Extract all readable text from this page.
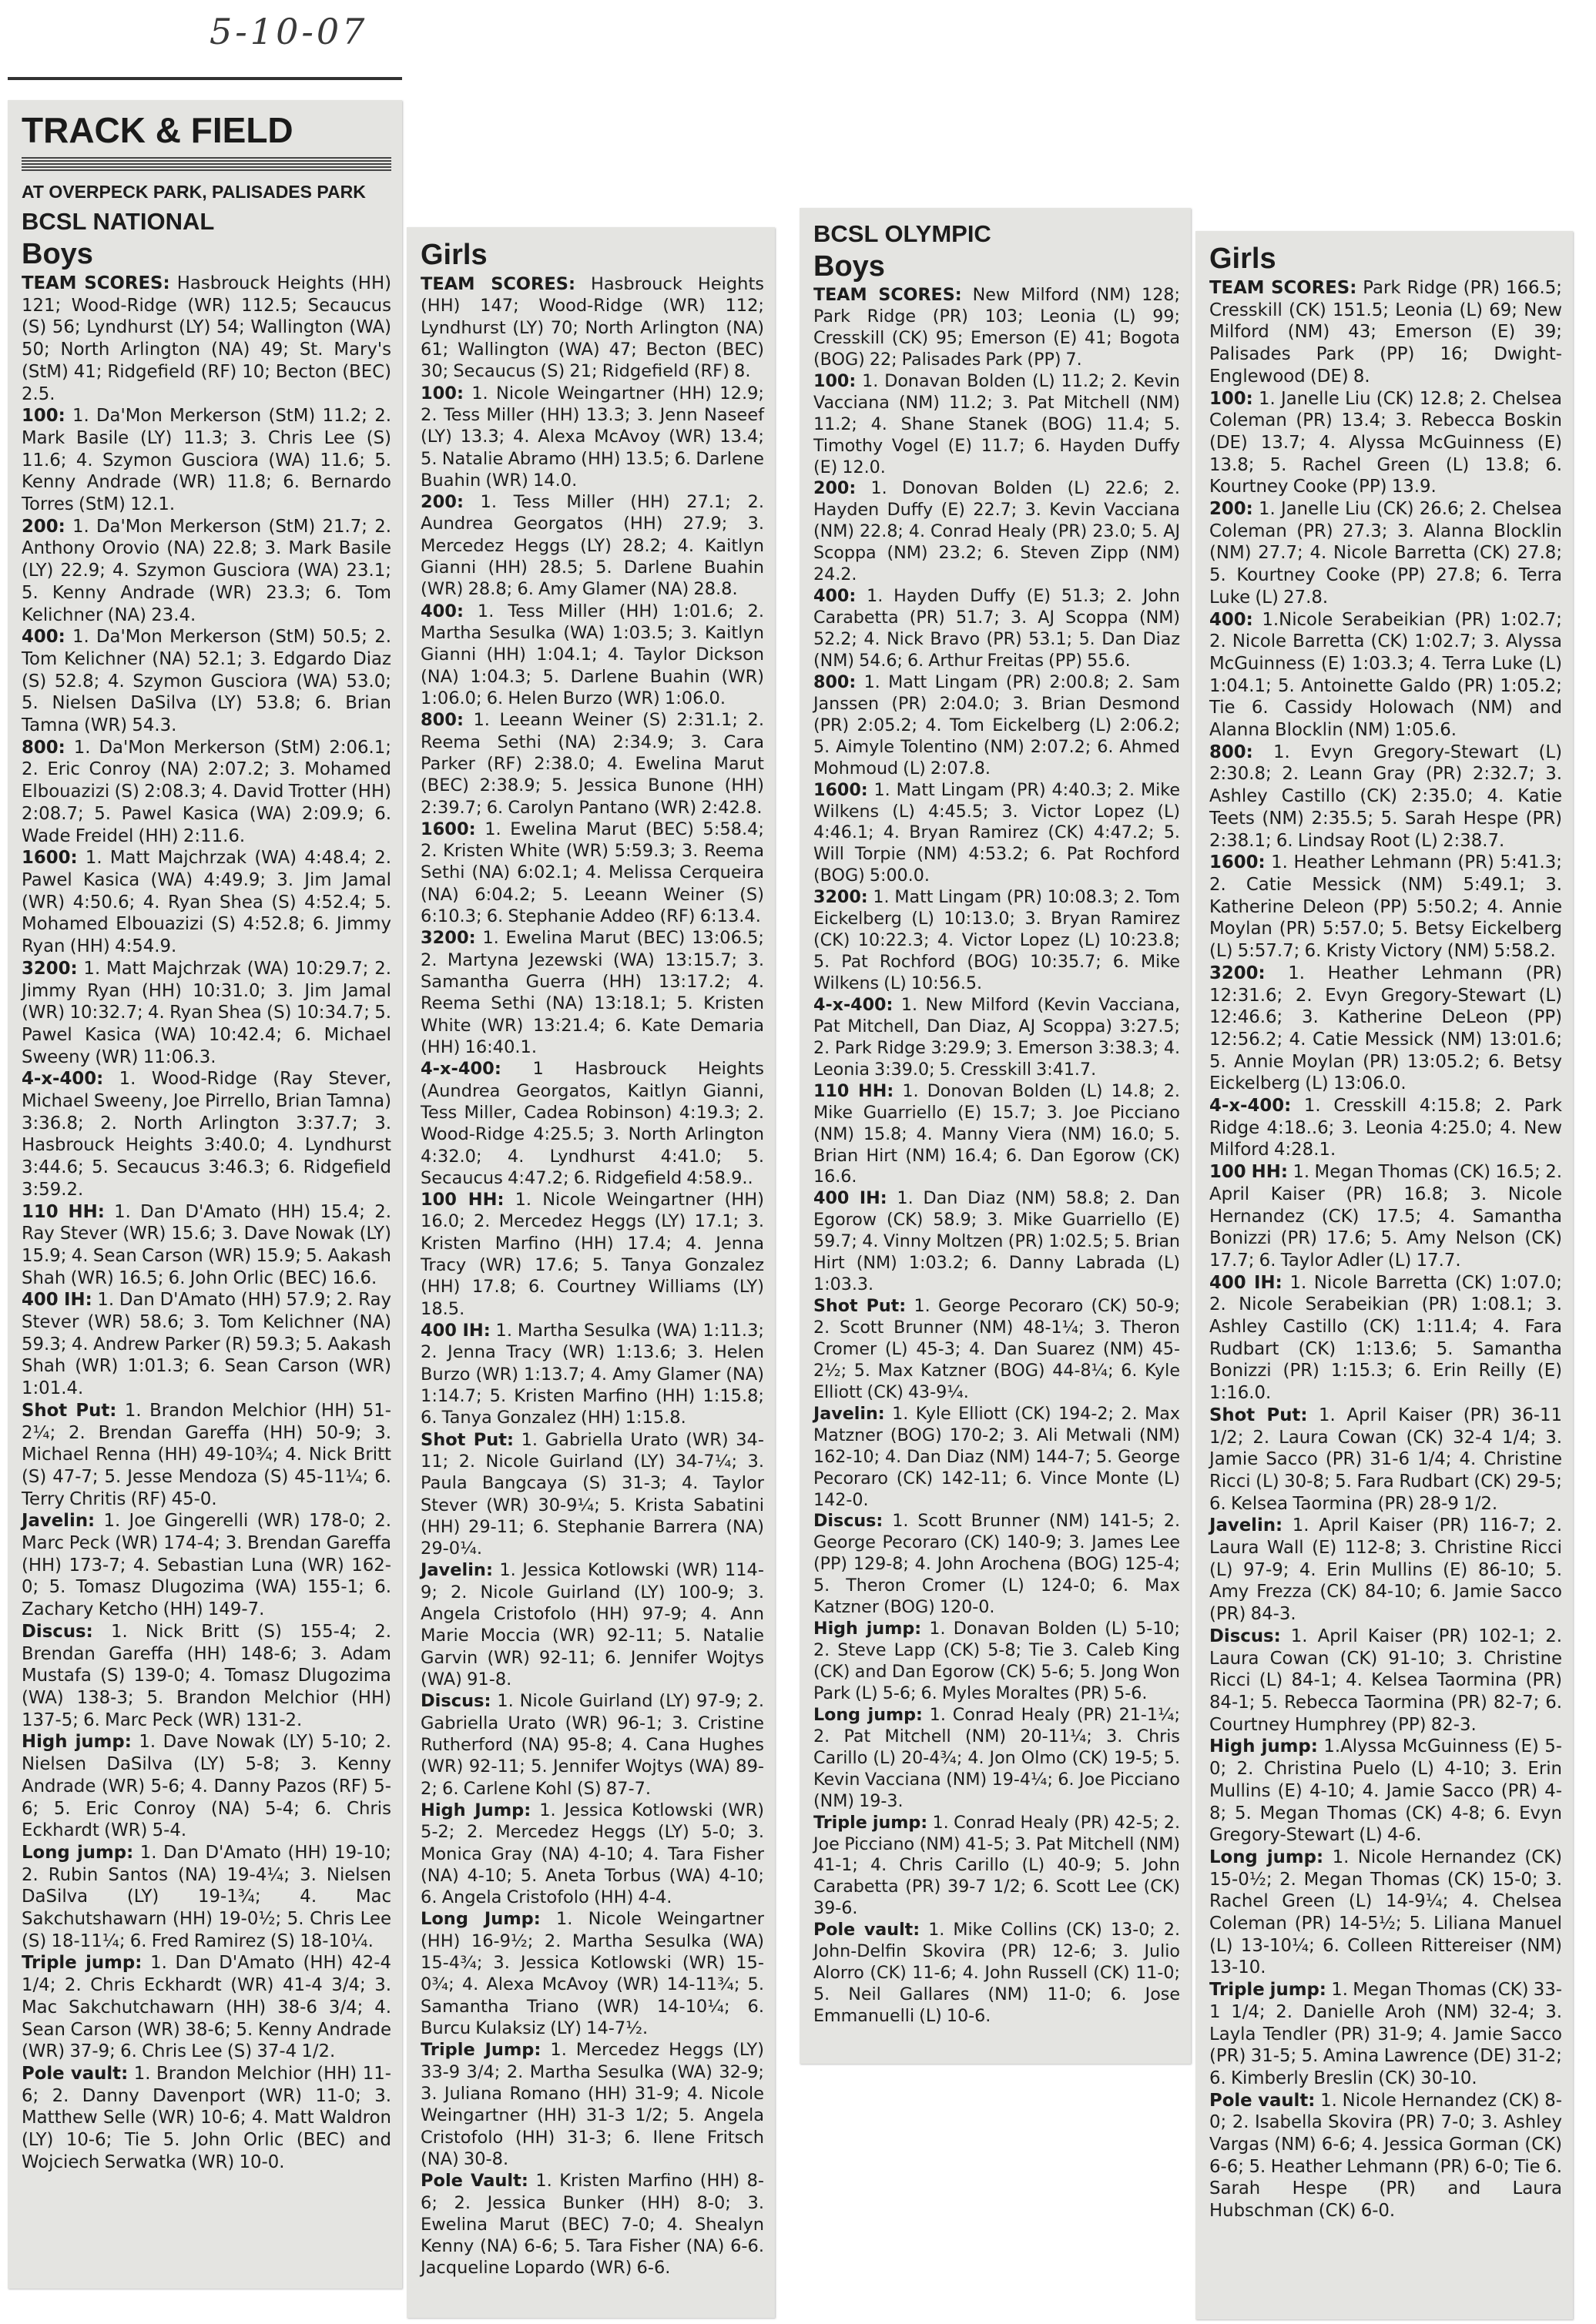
5-10-07
TRACK & FIELD
AT OVERPECK PARK, PALISADES PARK
BCSL NATIONAL
Boys

TEAM SCORES: Hasbrouck Heights (HH) 121; Wood-Ridge (WR) 112.5; Secaucus (S) 56; Lyndhurst (LY) 54; Wallington (WA) 50; North Arlington (NA) 49; St. Mary's (StM) 41; Ridgefield (RF) 10; Becton (BEC) 2.5.

100: 1. Da'Mon Merkerson (StM) 11.2; 2. Mark Basile (LY) 11.3; 3. Chris Lee (S) 11.6; 4. Szymon Gusciora (WA) 11.6; 5. Kenny Andrade (WR) 11.8; 6. Bernardo Torres (StM) 12.1.

200: 1. Da'Mon Merkerson (StM) 21.7; 2. Anthony Orovio (NA) 22.8; 3. Mark Basile (LY) 22.9; 4. Szymon Gusciora (WA) 23.1; 5. Kenny Andrade (WR) 23.3; 6. Tom Kelichner (NA) 23.4.

400: 1. Da'Mon Merkerson (StM) 50.5; 2. Tom Kelichner (NA) 52.1; 3. Edgardo Diaz (S) 52.8; 4. Szymon Gusciora (WA) 53.0; 5. Nielsen DaSilva (LY) 53.8; 6. Brian Tamna (WR) 54.3.

800: 1. Da'Mon Merkerson (StM) 2:06.1; 2. Eric Conroy (NA) 2:07.2; 3. Mohamed Elbouazizi (S) 2:08.3; 4. David Trotter (HH) 2:08.7; 5. Pawel Kasica (WA) 2:09.9; 6. Wade Freidel (HH) 2:11.6.

1600: 1. Matt Majchrzak (WA) 4:48.4; 2. Pawel Kasica (WA) 4:49.9; 3. Jim Jamal (WR) 4:50.6; 4. Ryan Shea (S) 4:52.4; 5. Mohamed Elbouazizi (S) 4:52.8; 6. Jimmy Ryan (HH) 4:54.9.

3200: 1. Matt Majchrzak (WA) 10:29.7; 2. Jimmy Ryan (HH) 10:31.0; 3. Jim Jamal (WR) 10:32.7; 4. Ryan Shea (S) 10:34.7; 5. Pawel Kasica (WA) 10:42.4; 6. Michael Sweeny (WR) 11:06.3.

4-x-400: 1. Wood-Ridge (Ray Stever, Michael Sweeny, Joe Pirrello, Brian Tamna) 3:36.8; 2. North Arlington 3:37.7; 3. Hasbrouck Heights 3:40.0; 4. Lyndhurst 3:44.6; 5. Secaucus 3:46.3; 6. Ridgefield 3:59.2.

110 HH: 1. Dan D'Amato (HH) 15.4; 2. Ray Stever (WR) 15.6; 3. Dave Nowak (LY) 15.9; 4. Sean Carson (WR) 15.9; 5. Aakash Shah (WR) 16.5; 6. John Orlic (BEC) 16.6.

400 IH: 1. Dan D'Amato (HH) 57.9; 2. Ray Stever (WR) 58.6; 3. Tom Kelichner (NA) 59.3; 4. Andrew Parker (R) 59.3; 5. Aakash Shah (WR) 1:01.3; 6. Sean Carson (WR) 1:01.4.

Shot Put: 1. Brandon Melchior (HH) 51-2¼; 2. Brendan Gareffa (HH) 50-9; 3. Michael Renna (HH) 49-10¾; 4. Nick Britt (S) 47-7; 5. Jesse Mendoza (S) 45-11¼; 6. Terry Chritis (RF) 45-0.

Javelin: 1. Joe Gingerelli (WR) 178-0; 2. Marc Peck (WR) 174-4; 3. Brendan Gareffa (HH) 173-7; 4. Sebastian Luna (WR) 162-0; 5. Tomasz Dlugozima (WA) 155-1; 6. Zachary Ketcho (HH) 149-7.

Discus: 1. Nick Britt (S) 155-4; 2. Brendan Gareffa (HH) 148-6; 3. Adam Mustafa (S) 139-0; 4. Tomasz Dlugozima (WA) 138-3; 5. Brandon Melchior (HH) 137-5; 6. Marc Peck (WR) 131-2.

High jump: 1. Dave Nowak (LY) 5-10; 2. Nielsen DaSilva (LY) 5-8; 3. Kenny Andrade (WR) 5-6; 4. Danny Pazos (RF) 5-6; 5. Eric Conroy (NA) 5-4; 6. Chris Eckhardt (WR) 5-4.

Long jump: 1. Dan D'Amato (HH) 19-10; 2. Rubin Santos (NA) 19-4¼; 3. Nielsen DaSilva (LY) 19-1¾; 4. Mac Sakchutshawarn (HH) 19-0½; 5. Chris Lee (S) 18-11¼; 6. Fred Ramirez (S) 18-10¼.

Triple jump: 1. Dan D'Amato (HH) 42-4 1/4; 2. Chris Eckhardt (WR) 41-4 3/4; 3. Mac Sakchutchawarn (HH) 38-6 3/4; 4. Sean Carson (WR) 38-6; 5. Kenny Andrade (WR) 37-9; 6. Chris Lee (S) 37-4 1/2.

Pole vault: 1. Brandon Melchior (HH) 11-6; 2. Danny Davenport (WR) 11-0; 3. Matthew Selle (WR) 10-6; 4. Matt Waldron (LY) 10-6; Tie 5. John Orlic (BEC) and Wojciech Serwatka (WR) 10-0.

Girls

TEAM SCORES: Hasbrouck Heights (HH) 147; Wood-Ridge (WR) 112; Lyndhurst (LY) 70; North Arlington (NA) 61; Wallington (WA) 47; Becton (BEC) 30; Secaucus (S) 21; Ridgefield (RF) 8.

100: 1. Nicole Weingartner (HH) 12.9; 2. Tess Miller (HH) 13.3; 3. Jenn Naseef (LY) 13.3; 4. Alexa McAvoy (WR) 13.4; 5. Natalie Abramo (HH) 13.5; 6. Darlene Buahin (WR) 14.0.

200: 1. Tess Miller (HH) 27.1; 2. Aundrea Georgatos (HH) 27.9; 3. Mercedez Heggs (LY) 28.2; 4. Kaitlyn Gianni (HH) 28.5; 5. Darlene Buahin (WR) 28.8; 6. Amy Glamer (NA) 28.8.

400: 1. Tess Miller (HH) 1:01.6; 2. Martha Sesulka (WA) 1:03.5; 3. Kaitlyn Gianni (HH) 1:04.1; 4. Taylor Dickson (NA) 1:04.3; 5. Darlene Buahin (WR) 1:06.0; 6. Helen Burzo (WR) 1:06.0.

800: 1. Leeann Weiner (S) 2:31.1; 2. Reema Sethi (NA) 2:34.9; 3. Cara Parker (RF) 2:38.0; 4. Ewelina Marut (BEC) 2:38.9; 5. Jessica Bunone (HH) 2:39.7; 6. Carolyn Pantano (WR) 2:42.8.

1600: 1. Ewelina Marut (BEC) 5:58.4; 2. Kristen White (WR) 5:59.3; 3. Reema Sethi (NA) 6:02.1; 4. Melissa Cerqueira (NA) 6:04.2; 5. Leeann Weiner (S) 6:10.3; 6. Stephanie Addeo (RF) 6:13.4.

3200: 1. Ewelina Marut (BEC) 13:06.5; 2. Martyna Jezewski (WA) 13:15.7; 3. Samantha Guerra (HH) 13:17.2; 4. Reema Sethi (NA) 13:18.1; 5. Kristen White (WR) 13:21.4; 6. Kate Demaria (HH) 16:40.1.

4-x-400: 1 Hasbrouck Heights (Aundrea Georgatos, Kaitlyn Gianni, Tess Miller, Cadea Robinson) 4:19.3; 2. Wood-Ridge 4:25.5; 3. North Arlington 4:32.0; 4. Lyndhurst 4:41.0; 5. Secaucus 4:47.2; 6. Ridgefield 4:58.9..

100 HH: 1. Nicole Weingartner (HH) 16.0; 2. Mercedez Heggs (LY) 17.1; 3. Kristen Marfino (HH) 17.4; 4. Jenna Tracy (WR) 17.6; 5. Tanya Gonzalez (HH) 17.8; 6. Courtney Williams (LY) 18.5.

400 IH: 1. Martha Sesulka (WA) 1:11.3; 2. Jenna Tracy (WR) 1:13.6; 3. Helen Burzo (WR) 1:13.7; 4. Amy Glamer (NA) 1:14.7; 5. Kristen Marfino (HH) 1:15.8; 6. Tanya Gonzalez (HH) 1:15.8.

Shot Put: 1. Gabriella Urato (WR) 34-11; 2. Nicole Guirland (LY) 34-7¼; 3. Paula Bangcaya (S) 31-3; 4. Taylor Stever (WR) 30-9¼; 5. Krista Sabatini (HH) 29-11; 6. Stephanie Barrera (NA) 29-0¼.

Javelin: 1. Jessica Kotlowski (WR) 114-9; 2. Nicole Guirland (LY) 100-9; 3. Angela Cristofolo (HH) 97-9; 4. Ann Marie Moccia (WR) 92-11; 5. Natalie Garvin (WR) 92-11; 6. Jennifer Wojtys (WA) 91-8.

Discus: 1. Nicole Guirland (LY) 97-9; 2. Gabriella Urato (WR) 96-1; 3. Cristine Rutherford (NA) 95-8; 4. Cana Hughes (WR) 92-11; 5. Jennifer Wojtys (WA) 89-2; 6. Carlene Kohl (S) 87-7.

High Jump: 1. Jessica Kotlowski (WR) 5-2; 2. Mercedez Heggs (LY) 5-0; 3. Monica Gray (NA) 4-10; 4. Tara Fisher (NA) 4-10; 5. Aneta Torbus (WA) 4-10; 6. Angela Cristofolo (HH) 4-4.

Long Jump: 1. Nicole Weingartner (HH) 16-9½; 2. Martha Sesulka (WA) 15-4¾; 3. Jessica Kotlowski (WR) 15-0¾; 4. Alexa McAvoy (WR) 14-11¾; 5. Samantha Triano (WR) 14-10¼; 6. Burcu Kulaksiz (LY) 14-7½.

Triple Jump: 1. Mercedez Heggs (LY) 33-9 3/4; 2. Martha Sesulka (WA) 32-9; 3. Juliana Romano (HH) 31-9; 4. Nicole Weingartner (HH) 31-3 1/2; 5. Angela Cristofolo (HH) 31-3; 6. Ilene Fritsch (NA) 30-8.

Pole Vault: 1. Kristen Marfino (HH) 8-6; 2. Jessica Bunker (HH) 8-0; 3. Ewelina Marut (BEC) 7-0; 4. Shealyn Kenny (NA) 6-6; 5. Tara Fisher (NA) 6-6. Jacqueline Lopardo (WR) 6-6.

BCSL OLYMPIC
Boys

TEAM SCORES: New Milford (NM) 128; Park Ridge (PR) 103; Leonia (L) 99; Cresskill (CK) 95; Emerson (E) 41; Bogota (BOG) 22; Palisades Park (PP) 7.

100: 1. Donavan Bolden (L) 11.2; 2. Kevin Vacciana (NM) 11.2; 3. Pat Mitchell (NM) 11.2; 4. Shane Stanek (BOG) 11.4; 5. Timothy Vogel (E) 11.7; 6. Hayden Duffy (E) 12.0.

200: 1. Donovan Bolden (L) 22.6; 2. Hayden Duffy (E) 22.7; 3. Kevin Vacciana (NM) 22.8; 4. Conrad Healy (PR) 23.0; 5. AJ Scoppa (NM) 23.2; 6. Steven Zipp (NM) 24.2.

400: 1. Hayden Duffy (E) 51.3; 2. John Carabetta (PR) 51.7; 3. AJ Scoppa (NM) 52.2; 4. Nick Bravo (PR) 53.1; 5. Dan Diaz (NM) 54.6; 6. Arthur Freitas (PP) 55.6.

800: 1. Matt Lingam (PR) 2:00.8; 2. Sam Janssen (PR) 2:04.0; 3. Brian Desmond (PR) 2:05.2; 4. Tom Eickelberg (L) 2:06.2; 5. Aimyle Tolentino (NM) 2:07.2; 6. Ahmed Mohmoud (L) 2:07.8.

1600: 1. Matt Lingam (PR) 4:40.3; 2. Mike Wilkens (L) 4:45.5; 3. Victor Lopez (L) 4:46.1; 4. Bryan Ramirez (CK) 4:47.2; 5. Will Torpie (NM) 4:53.2; 6. Pat Rochford (BOG) 5:00.0.

3200: 1. Matt Lingam (PR) 10:08.3; 2. Tom Eickelberg (L) 10:13.0; 3. Bryan Ramirez (CK) 10:22.3; 4. Victor Lopez (L) 10:23.8; 5. Pat Rochford (BOG) 10:35.7; 6. Mike Wilkens (L) 10:56.5.

4-x-400: 1. New Milford (Kevin Vacciana, Pat Mitchell, Dan Diaz, AJ Scoppa) 3:27.5; 2. Park Ridge 3:29.9; 3. Emerson 3:38.3; 4. Leonia 3:39.0; 5. Cresskill 3:41.7.

110 HH: 1. Donovan Bolden (L) 14.8; 2. Mike Guarriello (E) 15.7; 3. Joe Picciano (NM) 15.8; 4. Manny Viera (NM) 16.0; 5. Brian Hirt (NM) 16.4; 6. Dan Egorow (CK) 16.6.

400 IH: 1. Dan Diaz (NM) 58.8; 2. Dan Egorow (CK) 58.9; 3. Mike Guarriello (E) 59.7; 4. Vinny Moltzen (PR) 1:02.5; 5. Brian Hirt (NM) 1:03.2; 6. Danny Labrada (L) 1:03.3.

Shot Put: 1. George Pecoraro (CK) 50-9; 2. Scott Brunner (NM) 48-1¼; 3. Theron Cromer (L) 45-3; 4. Dan Suarez (NM) 45-2½; 5. Max Katzner (BOG) 44-8¼; 6. Kyle Elliott (CK) 43-9¼.

Javelin: 1. Kyle Elliott (CK) 194-2; 2. Max Matzner (BOG) 170-2; 3. Ali Metwali (NM) 162-10; 4. Dan Diaz (NM) 144-7; 5. George Pecoraro (CK) 142-11; 6. Vince Monte (L) 142-0.

Discus: 1. Scott Brunner (NM) 141-5; 2. George Pecoraro (CK) 140-9; 3. James Lee (PP) 129-8; 4. John Arochena (BOG) 125-4; 5. Theron Cromer (L) 124-0; 6. Max Katzner (BOG) 120-0.

High jump: 1. Donavan Bolden (L) 5-10; 2. Steve Lapp (CK) 5-8; Tie 3. Caleb King (CK) and Dan Egorow (CK) 5-6; 5. Jong Won Park (L) 5-6; 6. Myles Moraltes (PR) 5-6.

Long jump: 1. Conrad Healy (PR) 21-1¼; 2. Pat Mitchell (NM) 20-11¼; 3. Chris Carillo (L) 20-4¾; 4. Jon Olmo (CK) 19-5; 5. Kevin Vacciana (NM) 19-4¼; 6. Joe Picciano (NM) 19-3.

Triple jump: 1. Conrad Healy (PR) 42-5; 2. Joe Picciano (NM) 41-5; 3. Pat Mitchell (NM) 41-1; 4. Chris Carillo (L) 40-9; 5. John Carabetta (PR) 39-7 1/2; 6. Scott Lee (CK) 39-6.

Pole vault: 1. Mike Collins (CK) 13-0; 2. John-Delfin Skovira (PR) 12-6; 3. Julio Alorro (CK) 11-6; 4. John Russell (CK) 11-0; 5. Neil Gallares (NM) 11-0; 6. Jose Emmanuelli (L) 10-6.

Girls

TEAM SCORES: Park Ridge (PR) 166.5; Cresskill (CK) 151.5; Leonia (L) 69; New Milford (NM) 43; Emerson (E) 39; Palisades Park (PP) 16; Dwight-Englewood (DE) 8.

100: 1. Janelle Liu (CK) 12.8; 2. Chelsea Coleman (PR) 13.4; 3. Rebecca Boskin (DE) 13.7; 4. Alyssa McGuinness (E) 13.8; 5. Rachel Green (L) 13.8; 6. Kourtney Cooke (PP) 13.9.

200: 1. Janelle Liu (CK) 26.6; 2. Chelsea Coleman (PR) 27.3; 3. Alanna Blocklin (NM) 27.7; 4. Nicole Barretta (CK) 27.8; 5. Kourtney Cooke (PP) 27.8; 6. Terra Luke (L) 27.8.

400: 1.Nicole Serabeikian (PR) 1:02.7; 2. Nicole Barretta (CK) 1:02.7; 3. Alyssa McGuinness (E) 1:03.3; 4. Terra Luke (L) 1:04.1; 5. Antoinette Galdo (PR) 1:05.2; Tie 6. Cassidy Holowach (NM) and Alanna Blocklin (NM) 1:05.6.

800: 1. Evyn Gregory-Stewart (L) 2:30.8; 2. Leann Gray (PR) 2:32.7; 3. Ashley Castillo (CK) 2:35.0; 4. Katie Teets (NM) 2:35.5; 5. Sarah Hespe (PR) 2:38.1; 6. Lindsay Root (L) 2:38.7.

1600: 1. Heather Lehmann (PR) 5:41.3; 2. Catie Messick (NM) 5:49.1; 3. Katherine Deleon (PP) 5:50.2; 4. Annie Moylan (PR) 5:57.0; 5. Betsy Eickelberg (L) 5:57.7; 6. Kristy Victory (NM) 5:58.2.

3200: 1. Heather Lehmann (PR) 12:31.6; 2. Evyn Gregory-Stewart (L) 12:46.6; 3. Katherine DeLeon (PP) 12:56.2; 4. Catie Messick (NM) 13:01.6; 5. Annie Moylan (PR) 13:05.2; 6. Betsy Eickelberg (L) 13:06.0.

4-x-400: 1. Cresskill 4:15.8; 2. Park Ridge 4:18..6; 3. Leonia 4:25.0; 4. New Milford 4:28.1.

100 HH: 1. Megan Thomas (CK) 16.5; 2. April Kaiser (PR) 16.8; 3. Nicole Hernandez (CK) 17.5; 4. Samantha Bonizzi (PR) 17.6; 5. Amy Nelson (CK) 17.7; 6. Taylor Adler (L) 17.7.

400 IH: 1. Nicole Barretta (CK) 1:07.0; 2. Nicole Serabeikian (PR) 1:08.1; 3. Ashley Castillo (CK) 1:11.4; 4. Fara Rudbart (CK) 1:13.6; 5. Samantha Bonizzi (PR) 1:15.3; 6. Erin Reilly (E) 1:16.0.

Shot Put: 1. April Kaiser (PR) 36-11 1/2; 2. Laura Cowan (CK) 32-4 1/4; 3. Jamie Sacco (PR) 31-6 1/4; 4. Christine Ricci (L) 30-8; 5. Fara Rudbart (CK) 29-5; 6. Kelsea Taormina (PR) 28-9 1/2.

Javelin: 1. April Kaiser (PR) 116-7; 2. Laura Wall (E) 112-8; 3. Christine Ricci (L) 97-9; 4. Erin Mullins (E) 86-10; 5. Amy Frezza (CK) 84-10; 6. Jamie Sacco (PR) 84-3.

Discus: 1. April Kaiser (PR) 102-1; 2. Laura Cowan (CK) 91-10; 3. Christine Ricci (L) 84-1; 4. Kelsea Taormina (PR) 84-1; 5. Rebecca Taormina (PR) 82-7; 6. Courtney Humphrey (PP) 82-3.

High jump: 1.Alyssa McGuinness (E) 5-0; 2. Christina Puelo (L) 4-10; 3. Erin Mullins (E) 4-10; 4. Jamie Sacco (PR) 4-8; 5. Megan Thomas (CK) 4-8; 6. Evyn Gregory-Stewart (L) 4-6.

Long jump: 1. Nicole Hernandez (CK) 15-0½; 2. Megan Thomas (CK) 15-0; 3. Rachel Green (L) 14-9¼; 4. Chelsea Coleman (PR) 14-5½; 5. Liliana Manuel (L) 13-10¼; 6. Colleen Rittereiser (NM) 13-10.

Triple jump: 1. Megan Thomas (CK) 33-1 1/4; 2. Danielle Aroh (NM) 32-4; 3. Layla Tendler (PR) 31-9; 4. Jamie Sacco (PR) 31-5; 5. Amina Lawrence (DE) 31-2; 6. Kimberly Breslin (CK) 30-10.

Pole vault: 1. Nicole Hernandez (CK) 8-0; 2. Isabella Skovira (PR) 7-0; 3. Ashley Vargas (NM) 6-6; 4. Jessica Gorman (CK) 6-6; 5. Heather Lehmann (PR) 6-0; Tie 6. Sarah Hespe (PR) and Laura Hubschman (CK) 6-0.
